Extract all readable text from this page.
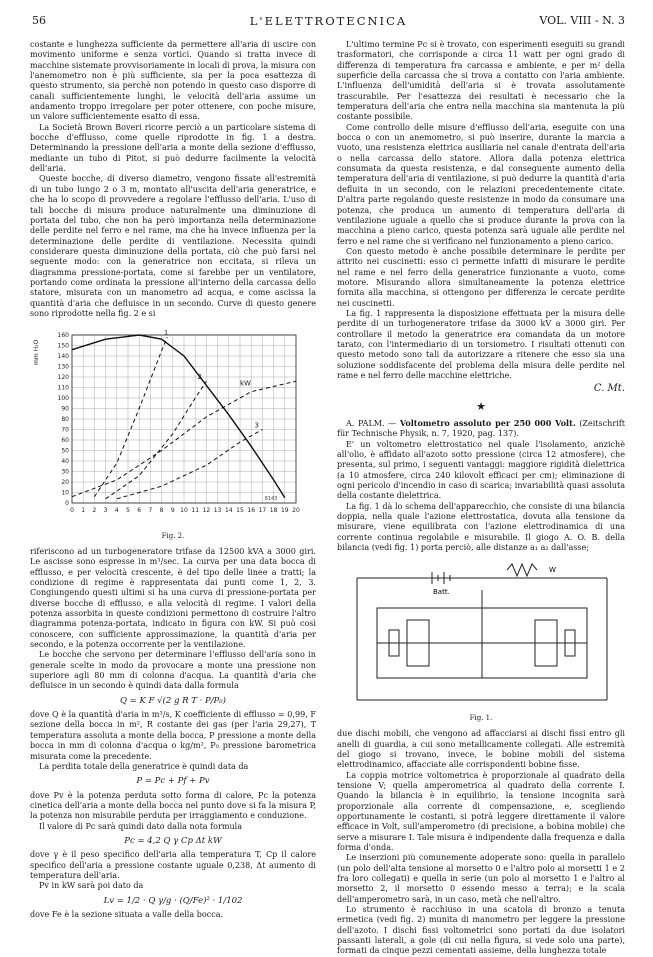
56	L'ELETTROTECNICA	VOL. VIII - N. 3

costante e lunghezza sufficiente da permettere all'aria di uscire con movimento uniforme e senza vortici. Quando si tratta invece di macchine sistemate provvisoriamente in locali di prova, la misura con l'anemometro non è più sufficiente, sia per la poca esattezza di questo strumento, sia perchè non potendo in questo caso disporre di canali sufficientemente lunghi, le velocità dell'aria assume un andamento troppo irregolare per poter ottenere, con poche misure, un valore sufficientemente esatto di essa.

La Società Brown Boveri ricorre perciò a un particolare sistema di bocche d'efflusso, come quelle riprodotte in fig. 1 a destra. Determinando la pressione dell'aria a monte della sezione d'efflusso, mediante un tubo di Pitot, si può dedurre facilmente la velocità dell'aria.

Queste bocche, di diverso diametro, vengono fissate all'estremità di un tubo lungo 2 o 3 m, montato all'uscita dell'aria generatrice, e che ha lo scopo di provvedere a regolare l'efflusso dell'aria. L'uso di tali bocche di misura produce naturalmente una diminuzione di portata del tubo, che non ha però importanza nella determinazione delle perdite nel ferro e nel rame, ma che ha invece influenza per la determinazione delle perdite di ventilazione. Necessita quindi considerare questa diminuzione della portata, ciò che può farsi nel seguente modo: con la generatrice non eccitata, si rileva un diagramma pressione-portata, come si farebbe per un ventilatore, portando come ordinata la pressione all'interno della carcassa dello statore, misurata con un manometro ad acqua, e come ascissa la quantità d'aria che defluisce in un secondo. Curve di questo genere sono riprodotte nella fig. 2 e si

0 1 2 3 4 5 6 7 8 9 10 11 12 13 14 15 16 17 18 19 20
0
10
20
30
40
50
60
70
80
90
100
110
120
130
140
150
160
mm H₂O
kW
1
2
3
8143
Fig. 2.

riferiscono ad un turbogeneratore trifase da 12500 kVA a 3000 giri. Le ascisse sono espresse in m³/sec. La curva per una data bocca di efflusso, e per velocità crescente, è del tipo delle linee a tratti; la condizione di regime è rappresentata dai punti come 1, 2, 3. Congiungendo questi ultimi si ha una curva di pressione-portata per diverse bocche di efflusso, e alla velocità di regime. I valori della potenza assorbita in queste condizioni permettono di costruire l'altro diagramma potenza-portata, indicato in figura con kW. Si può così conoscere, con sufficiente approssimazione, la quantità d'aria per secondo, e la potenza occorrente per la ventilazione.

Le bocche che servono per determinare l'efflusso dell'aria sono in generale scelte in modo da provocare a monte una pressione non superiore agli 80 mm di colonna d'acqua. La quantità d'aria che defluisce in un secondo è quindi data dalla formula

Q = K F √(2 g R T · P/P₀)

dove Q è la quantità d'aria in m³/s, K coefficiente di efflusso = 0,99, F sezione della bocca in m², R costante dei gas (per l'aria 29,27), T temperatura assoluta a monte della bocca, P pressione a monte della bocca in mm di colonna d'acqua o kg/m², P₀ pressione barometrica misurata come la precedente.

La perdita totale della generatrice è quindi data da

P = Pc + Pf + Pv

dove Pv è la potenza perduta sotto forma di calore, Pc la potenza cinetica dell'aria a monte della bocca nel punto dove si fa la misura P, la potenza non misurabile perduta per irraggiamento e conduzione.

Il valore di Pc sarà quindi dato dalla nota formula

Pc = 4,2 Q γ Cp Δt kW

dove γ è il peso specifico dell'aria alla temperatura T, Cp il calore specifico dell'aria a pressione costante uguale 0,238, Δt aumento di temperatura dell'aria.

Pv in kW sarà poi dato da

Lv = 1/2 · Q γ/g · (Q/Fe)² · 1/102

dove Fe è la sezione situata a valle della bocca.

L'ultimo termine Pc si è trovato, con esperimenti eseguiti su grandi trasformatori, che corrisponde a circa 11 watt per ogni grado di differenza di temperatura fra carcassa e ambiente, e per m² della superficie della carcassa che si trova a contatto con l'aria ambiente. L'influenza dell'umidità dell'aria si è trovata assolutamente trascurabile. Per l'esattezza dei resultati è necessario che la temperatura dell'aria che entra nella macchina sia mantenuta la più costante possibile.

Come controllo delle misure d'efflusso dell'aria, eseguite con una bocca o con un anemometro, si può inserire, durante la marcia a vuoto, una resistenza elettrica ausiliaria nel canale d'entrata dell'aria o nella carcassa dello statore. Allora dalla potenza elettrica consumata da questa resistenza, e dal conseguente aumento della temperatura dell'aria di ventilazione, si può dedurre la quantità d'aria defluita in un secondo, con le relazioni precedentemente citate. D'altra parte regolando queste resistenze in modo da consumare una potenza, che produca un aumento di temperatura dell'aria di ventilazione uguale a quello che si produce durante la prova con la macchina a pieno carico, questa potenza sarà uguale alle perdite nel ferro e nel rame che si verificano nel funzionamento a pieno carico.

Con questo metodo è anche possibile determinare le perdite per attrito nei cuscinetti: esso ci permette infatti di misurare le perdite nel rame e nel ferro della generatrice funzionante a vuoto, come motore. Misurando allora simultaneamente la potenza elettrice fornita alla macchina, si ottengono per differenza le cercate perdite nei cuscinetti.

La fig. 1 rappresenta la disposizione effettuata per la misura delle perdite di un turbogeneratore trifase da 3000 kV a 3000 giri. Per controllare il metodo la generatrice era comandata da un motore tarato, con l'intermediario di un torsiometro. I risultati ottenuti con questo metodo sono tali da autorizzare a ritenere che esso sia una soluzione soddisfacente del problema della misura delle perdite nel rame e nel ferro delle macchine elettriche.

C. Mt.
★

A. PALM. — Voltometro assoluto per 250 000 Volt. (Zeitschrift für Technische Physik, n. 7, 1920, pag. 137).

E' un voltometro elettrostatico nel quale l'isolamento, anzichè all'olio, è affidato all'azoto sotto pressione (circa 12 atmosfere), che presenta, sul primo, i seguenti vantaggi: maggiore rigidità dielettrica (a 10 atmosfere, circa 240 kilovolt efficaci per cm); eliminazione di ogni pericolo d'incendio in caso di scarica; invariabilità quasi assoluta della costante dielettrica.

La fig. 1 dà lo schema dell'apparecchio, che consiste di una bilancia doppia, nella quale l'azione elettrostatica, dovuta alla tensione da misurare, viene equilibrata con l'azione elettrodinamica di una corrente continua regolabile e misurabile. Il giogo A. O. B. della bilancia (vedi fig. 1) porta perciò, alle distanze a₁ a₂ dall'asse;

Batt.
W
Fig. 1.

due dischi mobili, che vengono ad affacciarsi ai dischi fissi entro gli anelli di guardia, a cui sono metallicamente collegati. Alle estremità del giogo si trovano, invece, le bobine mobili del sistema elettrodinamico, affacciate alle corrispondenti bobine fisse.

La coppia motrice voltometrica è proporzionale al quadrato della tensione V; quella amperometrica al quadrato della corrente I. Quando la bilancia è in equilibrio, la tensione incognita sarà proporzionale alla corrente di compensazione, e, scegliendo opportunamente le costanti, si potrà leggere direttamente il valore efficace in Volt, sull'amperometro (di precisione, a bobina mobile) che serve a misurare I. Tale misura è indipendente dalla frequenza e dalla forma d'onda.

Le inserzioni più comunemente adoperate sono: quella in parallelo (un polo dell'alta tensione al morsetto 0 e l'altro polo ai morsetti 1 e 2 fra loro collegati) e quella in serie (un polo al morsetto 1 e l'altro al morsetto 2, il morsetto 0 essendo messo a terra); e la scala dell'amperometro sarà, in un caso, metà che nell'altro.

Lo strumento è racchiuso in una scatola di bronzo a tenuta ermetica (vedi fig. 2) munita di manometro per leggere la pressione dell'azoto. I dischi fissi voltometrici sono portati da due isolatori passanti laterali, a gole (di cui nella figura, si vede solo una parte), formati da cinque pezzi cementati assieme, della lunghezza totale
